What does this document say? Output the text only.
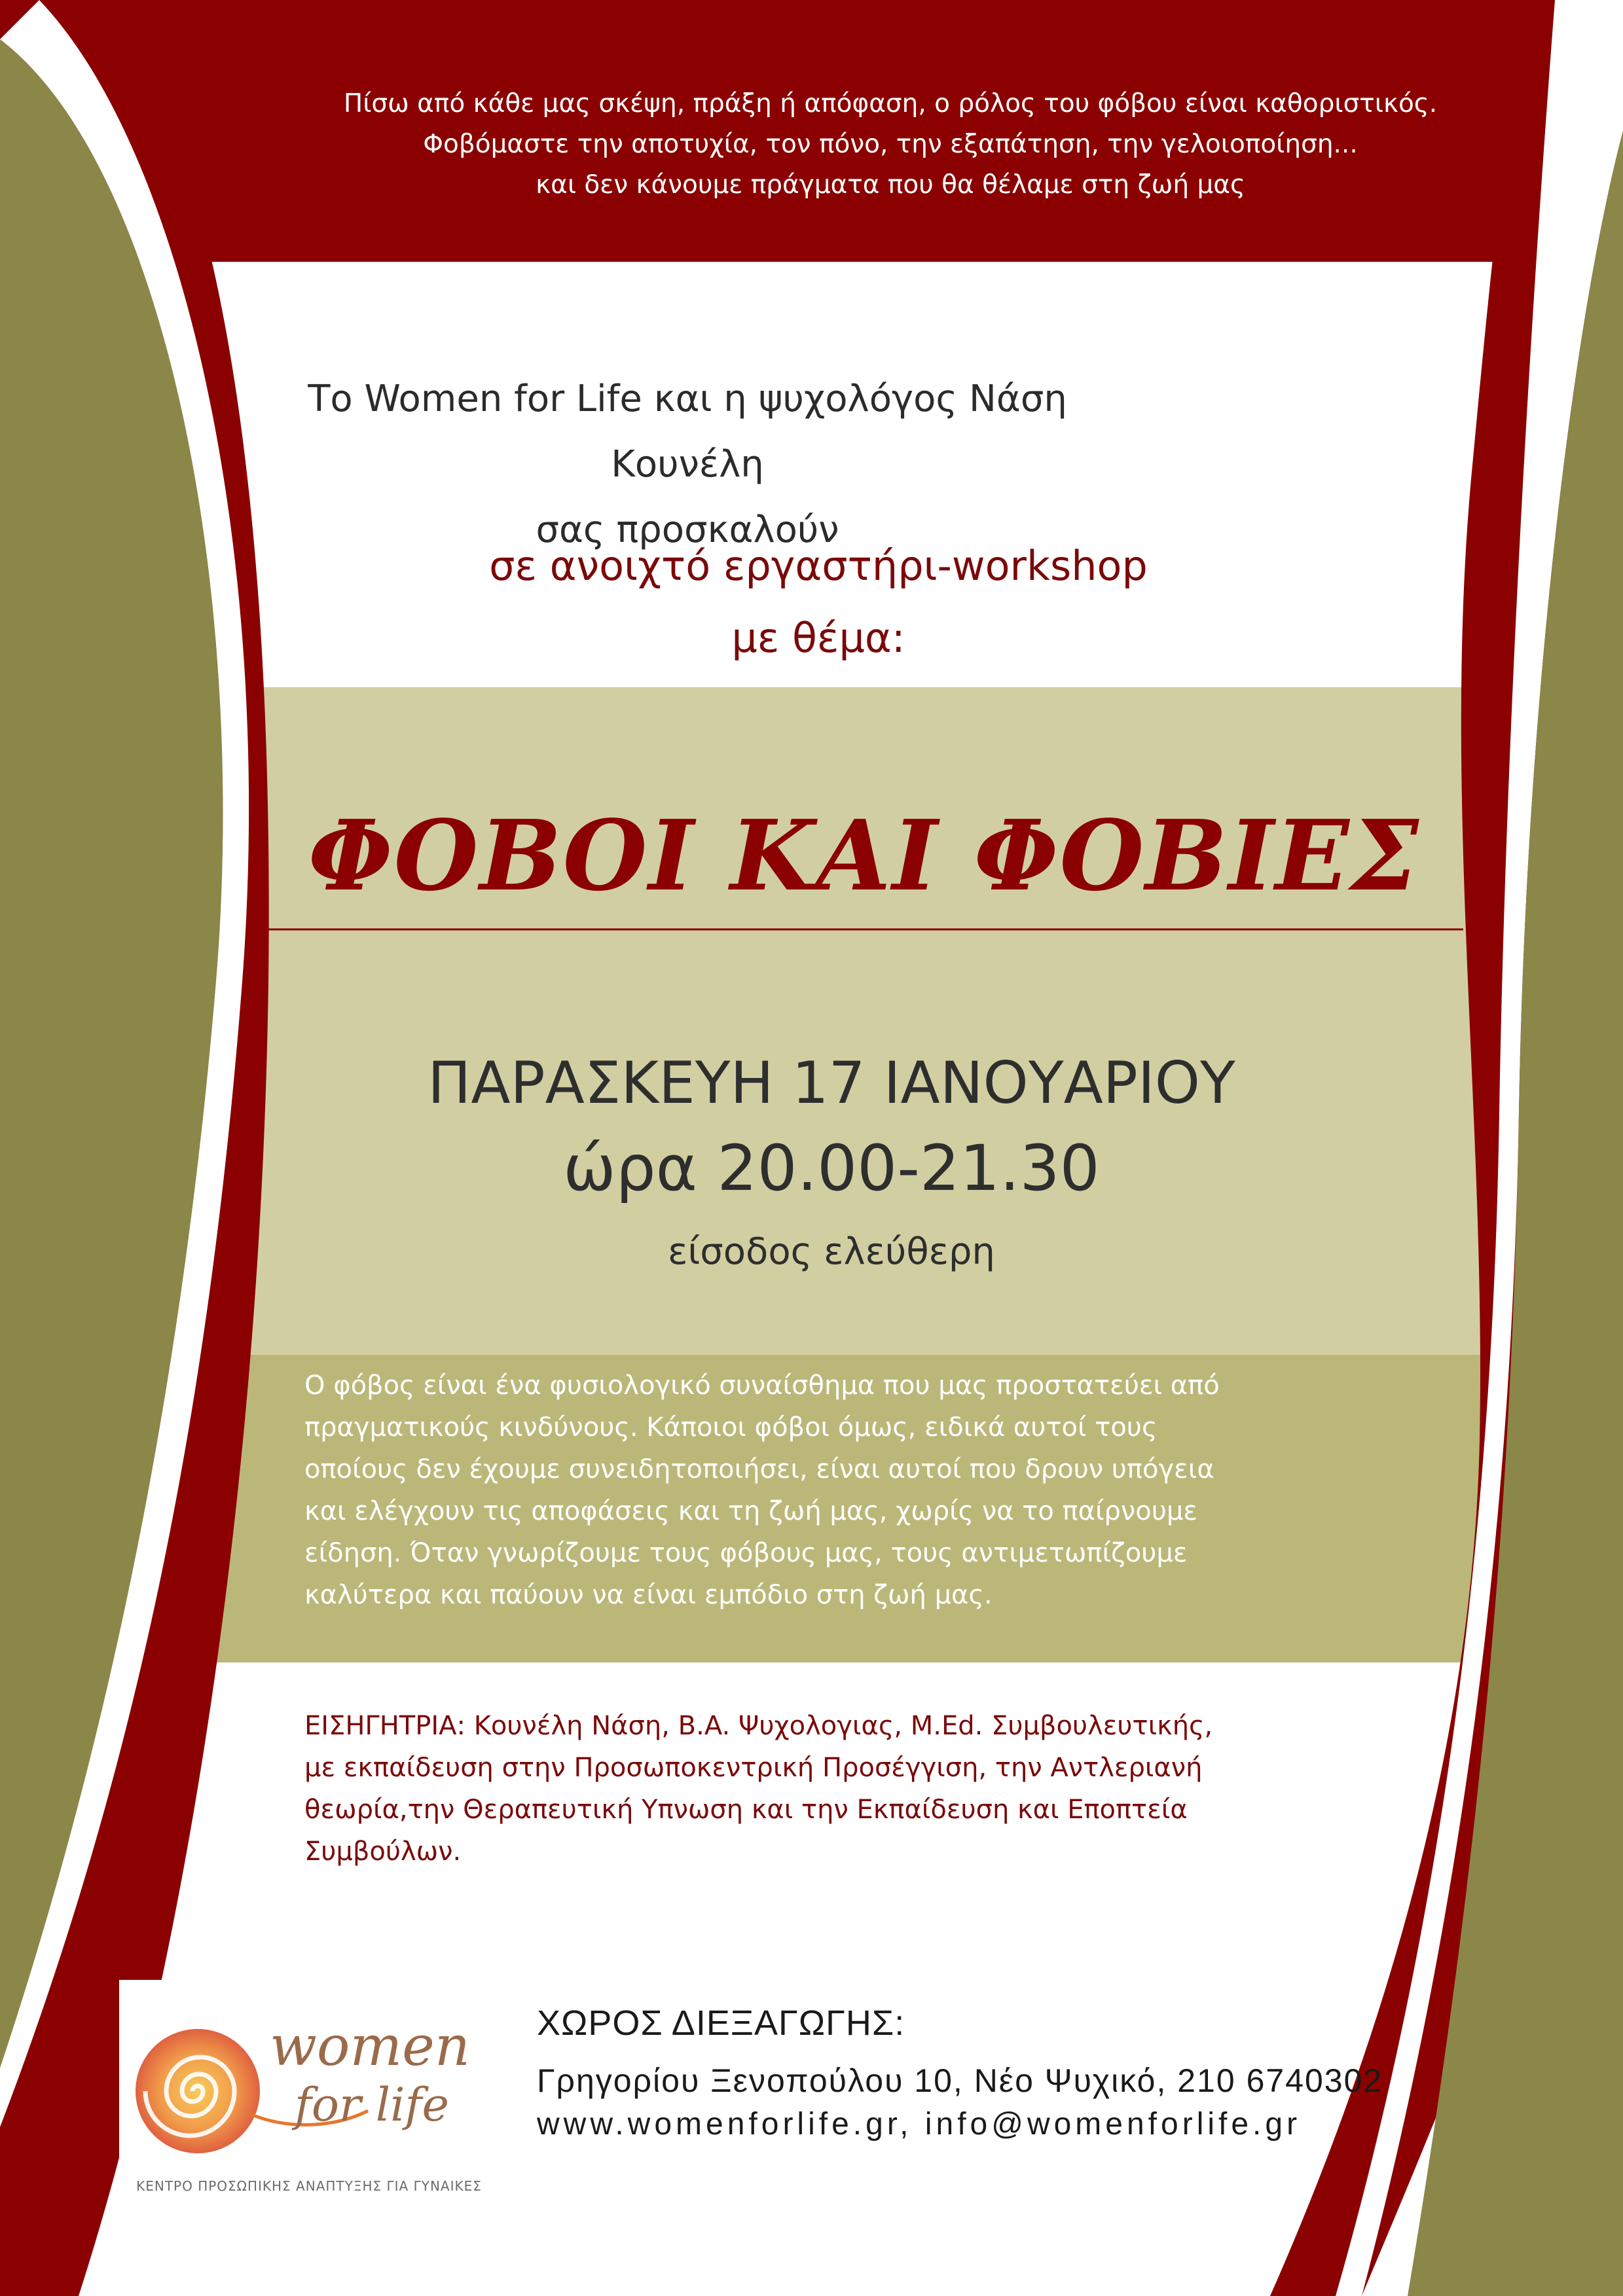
Πίσω από κάθε μας σκέψη, πράξη ή απόφαση, ο ρόλος του φόβου είναι καθοριστικός.
Φοβόμαστε την αποτυχία, τον πόνο, την εξαπάτηση, την γελοιοποίηση...
και δεν κάνουμε πράγματα που θα θέλαμε στη ζωή μας
Το Women for Life και η ψυχολόγος Νάση Κουνέλη
σας προσκαλούν
σε ανοιχτό εργαστήρι-workshop
με θέμα:
ΦΟΒΟΙ ΚΑΙ ΦΟΒΙΕΣ
ΠΑΡΑΣΚΕΥΗ 17 ΙΑΝΟΥΑΡΙΟΥ
ώρα 20.00-21.30
είσοδος ελεύθερη
Ο φόβος είναι ένα φυσιολογικό συναίσθημα που μας προστατεύει από
πραγματικούς κινδύνους. Κάποιοι φόβοι όμως, ειδικά αυτοί τους
οποίους δεν έχουμε συνειδητοποιήσει, είναι αυτοί που δρουν υπόγεια
και ελέγχουν τις αποφάσεις και τη ζωή μας, χωρίς να το παίρνουμε
είδηση. Όταν γνωρίζουμε τους φόβους μας, τους αντιμετωπίζουμε
καλύτερα και παύουν να είναι εμπόδιο στη ζωή μας.
ΕΙΣΗΓΗΤΡΙΑ: Κουνέλη Νάση, B.A. Ψυχολογιας, M.Ed. Συμβουλευτικής,
με εκπαίδευση στην Προσωποκεντρική Προσέγγιση, την Αντλεριανή
θεωρία,την Θεραπευτική Υπνωση και την Εκπαίδευση και Εποπτεία
Συμβούλων.
women
for life
ΚΕΝΤΡΟ ΠΡΟΣΩΠΙΚΗΣ ΑΝΑΠΤΥΞΗΣ ΓΙΑ ΓΥΝΑΙΚΕΣ
ΧΩΡΟΣ ΔΙΕΞΑΓΩΓΗΣ:
Γρηγορίου Ξενοπούλου 10, Νέο Ψυχικό, 210 6740302
www.womenforlife.gr, info@womenforlife.gr
